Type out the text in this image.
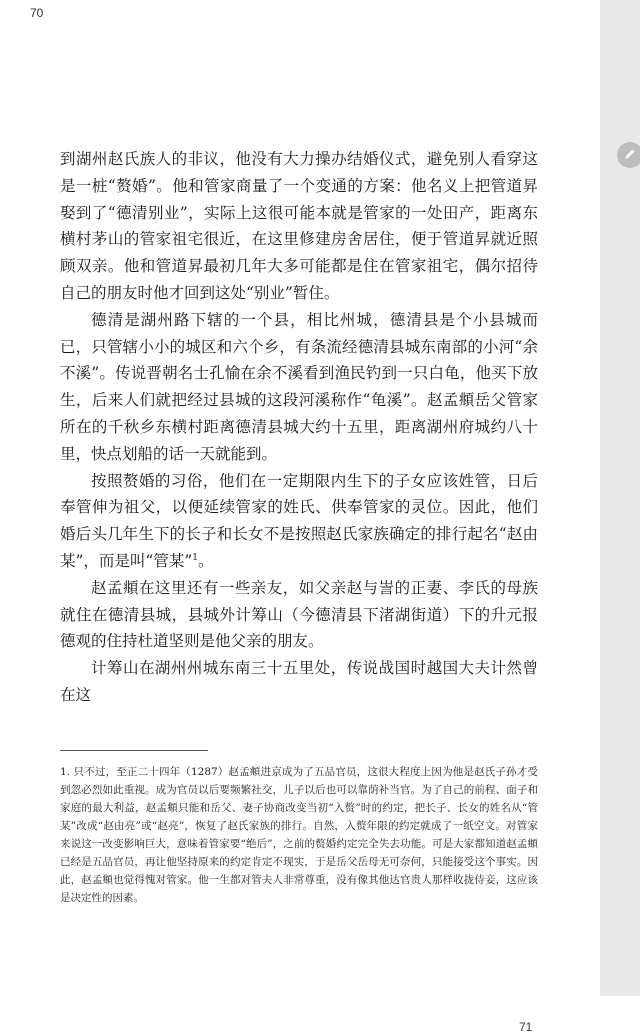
70

到湖州赵氏族人的非议，他没有大力操办结婚仪式，避免别人看穿这是一桩“赘婚”。他和管家商量了一个变通的方案：他名义上把管道昇娶到了“德清别业”，实际上这很可能本就是管家的一处田产，距离东横村茅山的管家祖宅很近，在这里修建房舍居住，便于管道昇就近照顾双亲。他和管道昇最初几年大多可能都是住在管家祖宅，偶尔招待自己的朋友时他才回到这处“别业”暂住。

德清是湖州路下辖的一个县，相比州城，德清县是个小县城而已，只管辖小小的城区和六个乡，有条流经德清县城东南部的小河“余不溪”。传说晋朝名士孔愉在余不溪看到渔民钓到一只白龟，他买下放生，后来人们就把经过县城的这段河溪称作“龟溪”。赵孟頫岳父管家所在的千秋乡东横村距离德清县城大约十五里，距离湖州府城约八十里，快点划船的话一天就能到。

按照赘婚的习俗，他们在一定期限内生下的子女应该姓管，日后奉管伸为祖父，以便延续管家的姓氏、供奉管家的灵位。因此，他们婚后头几年生下的长子和长女不是按照赵氏家族确定的排行起名“赵由某”，而是叫“管某”$^1$。

赵孟頫在这里还有一些亲友，如父亲赵与訔的正妻、李氏的母族就住在德清县城，县城外计筹山（今德清县下渚湖街道）下的升元报德观的住持杜道坚则是他父亲的朋友。

计筹山在湖州州城东南三十五里处，传说战国时越国大夫计然曾在这

1. 只不过，至正二十四年（1287）赵孟頫进京成为了五品官员，这很大程度上因为他是赵氏子孙才受到忽必烈如此重视。成为官员以后要频繁社交，儿子以后也可以靠荫补当官。为了自己的前程、面子和家庭的最大利益，赵孟頫只能和岳父、妻子协商改变当初“入赘”时的约定，把长子、长女的姓名从“管某”改成“赵由亮”或“赵亮”，恢复了赵氏家族的排行。自然，入赘年限的约定就成了一纸空文。对管家来说这一改变影响巨大，意味着管家要“绝后”，之前的赘婚约定完全失去功能。可是大家都知道赵孟頫已经是五品官员，再让他坚持原来的约定肯定不现实，于是岳父岳母无可奈何，只能接受这个事实。因此，赵孟頫也觉得愧对管家。他一生都对管夫人非常尊重，没有像其他达官贵人那样收拢侍妾，这应该是决定性的因素。
71
